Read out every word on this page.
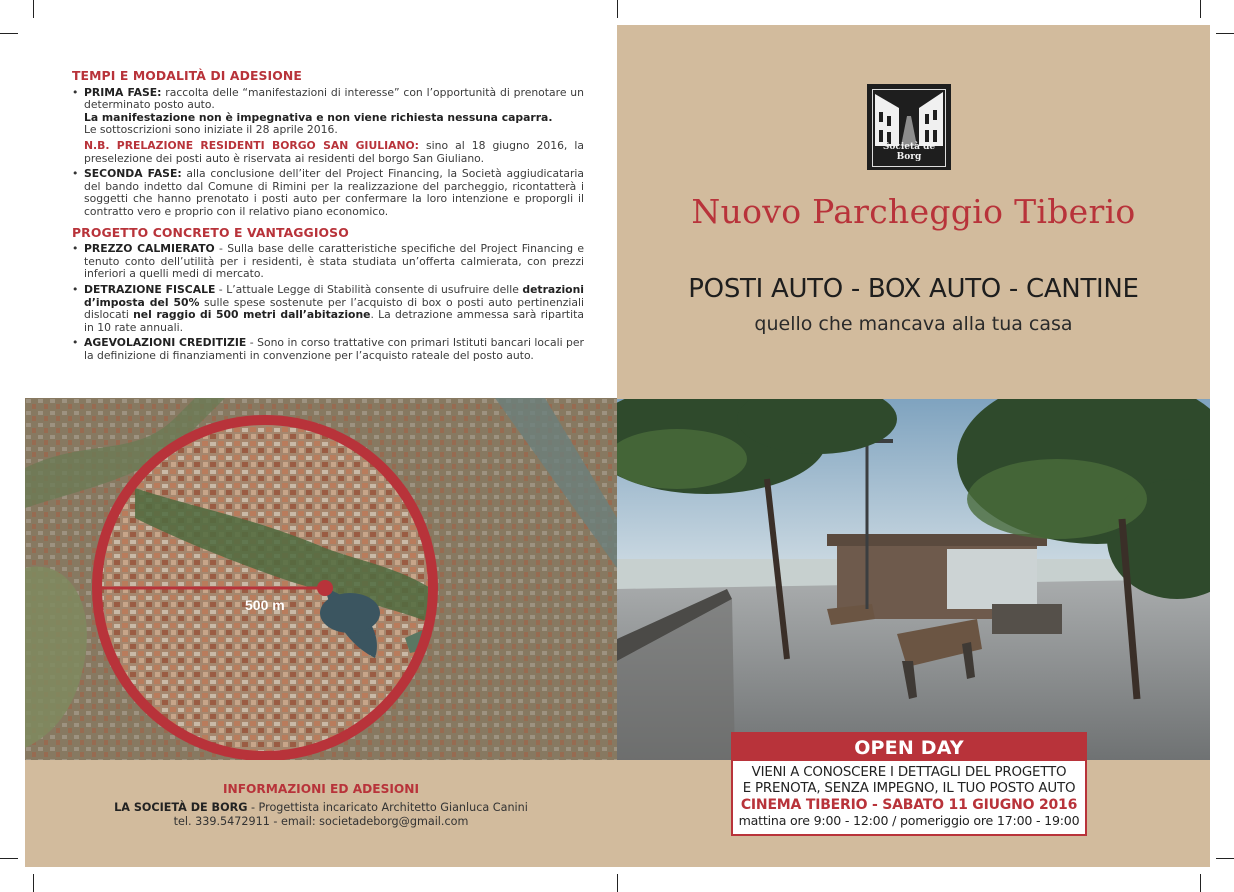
TEMPI E MODALITÀ DI ADESIONE
• PRIMA FASE: raccolta delle “manifestazioni di interesse” con l’opportunità di prenotare un determinato posto auto.
La manifestazione non è impegnativa e non viene richiesta nessuna caparra.
Le sottoscrizioni sono iniziate il 28 aprile 2016.
N.B. PRELAZIONE RESIDENTI BORGO SAN GIULIANO: sino al 18 giugno 2016, la preselezione dei posti auto è riservata ai residenti del borgo San Giuliano.
• SECONDA FASE: alla conclusione dell’iter del Project Financing, la Società aggiudicataria del bando indetto dal Comune di Rimini per la realizzazione del parcheggio, ricontatterà i soggetti che hanno prenotato i posti auto per confermare la loro intenzione e proporgli il contratto vero e proprio con il relativo piano economico.
PROGETTO CONCRETO E VANTAGGIOSO
• PREZZO CALMIERATO - Sulla base delle caratteristiche specifiche del Project Financing e tenuto conto dell’utilità per i residenti, è stata studiata un’offerta calmierata, con prezzi inferiori a quelli medi di mercato.
• DETRAZIONE FISCALE - L’attuale Legge di Stabilità consente di usufruire delle detrazioni d’imposta del 50% sulle spese sostenute per l’acquisto di box o posti auto pertinenziali dislocati nel raggio di 500 metri dall’abitazione. La detrazione ammessa sarà ripartita in 10 rate annuali.
• AGEVOLAZIONI CREDITIZIE - Sono in corso trattative con primari Istituti bancari locali per la definizione di finanziamenti in convenzione per l’acquisto rateale del posto auto.
500 m
INFORMAZIONI ED ADESIONI
LA SOCIETÀ DE BORG - Progettista incaricato Architetto Gianluca Canini
tel. 339.5472911 - email: societadeborg@gmail.com
Società de Borg
Nuovo Parcheggio Tiberio
POSTI AUTO - BOX AUTO - CANTINE
quello che mancava alla tua casa
OPEN DAY
VIENI A CONOSCERE I DETTAGLI DEL PROGETTO
E PRENOTA, SENZA IMPEGNO, IL TUO POSTO AUTO
CINEMA TIBERIO - SABATO 11 GIUGNO 2016
mattina ore 9:00 - 12:00 / pomeriggio ore 17:00 - 19:00
